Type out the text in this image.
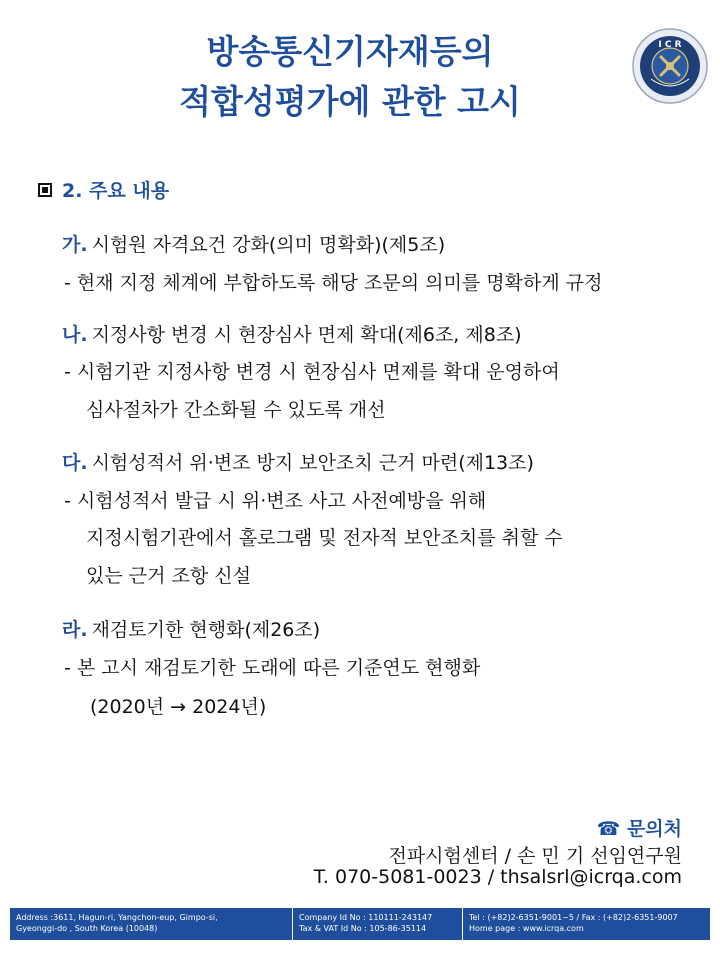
방송통신기자재등의
적합성평가에 관한 고시
I C R
2. 주요 내용
가. 시험원 자격요건 강화(의미 명확화)(제5조)
- 현재 지정 체계에 부합하도록 해당 조문의 의미를 명확하게 규정
나. 지정사항 변경 시 현장심사 면제 확대(제6조, 제8조)
- 시험기관 지정사항 변경 시 현장심사 면제를 확대 운영하여
심사절차가 간소화될 수 있도록 개선
다. 시험성적서 위·변조 방지 보안조치 근거 마련(제13조)
- 시험성적서 발급 시 위·변조 사고 사전예방을 위해
지정시험기관에서 홀로그램 및 전자적 보안조치를 취할 수
있는 근거 조항 신설
라. 재검토기한 현행화(제26조)
- 본 고시 재검토기한 도래에 따른 기준연도 현행화
(2020년 → 2024년)
☎ 문의처
전파시험센터 / 손 민 기 선임연구원
T. 070-5081-0023 / thsalsrl@icrqa.com
Address :3611, Hagun-ri, Yangchon-eup, Gimpo-si,
Gyeonggi-do , South Korea (10048)
Company Id No : 110111-243147
Tax & VAT Id No : 105-86-35114
Tel : (+82)2-6351-9001~5 / Fax : (+82)2-6351-9007
Home page : www.icrqa.com
